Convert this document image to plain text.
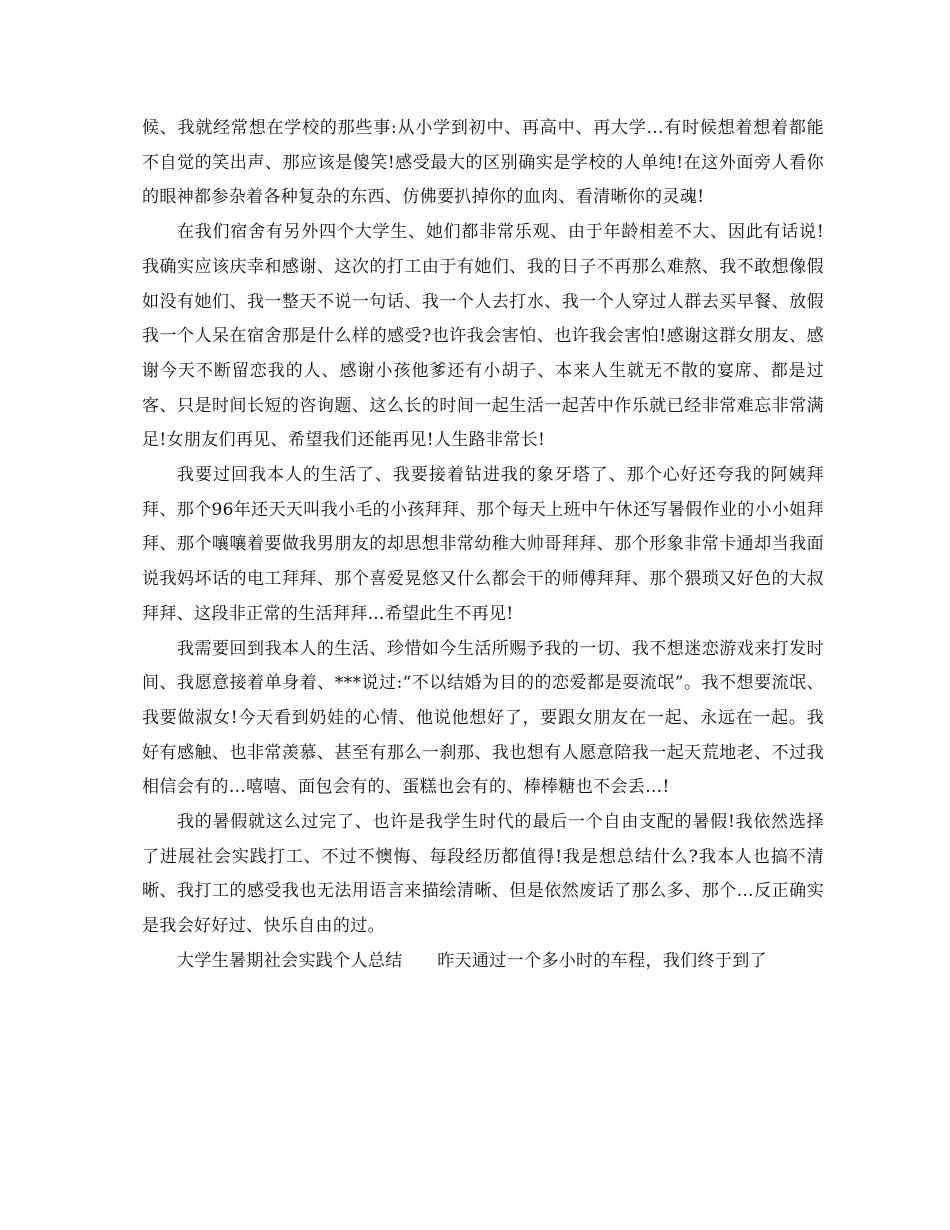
候、我就经常想在学校的那些事:从小学到初中、再高中、再大学…有时候想着想着都能不自觉的笑出声、那应该是傻笑!感受最大的区别确实是学校的人单纯!在这外面旁人看你的眼神都参杂着各种复杂的东西、仿佛要扒掉你的血肉、看清晰你的灵魂!

在我们宿舍有另外四个大学生、她们都非常乐观、由于年龄相差不大、因此有话说!我确实应该庆幸和感谢、这次的打工由于有她们、我的日子不再那么难熬、我不敢想像假如没有她们、我一整天不说一句话、我一个人去打水、我一个人穿过人群去买早餐、放假我一个人呆在宿舍那是什么样的感受?也许我会害怕、也许我会害怕!感谢这群女朋友、感谢今天不断留恋我的人、感谢小孩他爹还有小胡子、本来人生就无不散的宴席、都是过客、只是时间长短的咨询题、这么长的时间一起生活一起苦中作乐就已经非常难忘非常满足!女朋友们再见、希望我们还能再见!人生路非常长!

我要过回我本人的生活了、我要接着钻进我的象牙塔了、那个心好还夸我的阿姨拜拜、那个96年还天天叫我小毛的小孩拜拜、那个每天上班中午休还写暑假作业的小小姐拜拜、那个嚷嚷着要做我男朋友的却思想非常幼稚大帅哥拜拜、那个形象非常卡通却当我面说我妈坏话的电工拜拜、那个喜爱晃悠又什么都会干的师傅拜拜、那个猥琐又好色的大叔拜拜、这段非正常的生活拜拜…希望此生不再见!

我需要回到我本人的生活、珍惜如今生活所赐予我的一切、我不想迷恋游戏来打发时间、我愿意接着单身着、***说过:“不以结婚为目的的恋爱都是耍流氓”。我不想要流氓、我要做淑女!今天看到奶娃的心情、他说他想好了，要跟女朋友在一起、永远在一起。我好有感触、也非常羡慕、甚至有那么一刹那、我也想有人愿意陪我一起天荒地老、不过我相信会有的…嘻嘻、面包会有的、蛋糕也会有的、棒棒糖也不会丢…!

我的暑假就这么过完了、也许是我学生时代的最后一个自由支配的暑假!我依然选择了进展社会实践打工、不过不懊悔、每段经历都值得!我是想总结什么?我本人也搞不清晰、我打工的感受我也无法用语言来描绘清晰、但是依然废话了那么多、那个…反正确实是我会好好过、快乐自由的过。

大学生暑期社会实践个人总结　　昨天通过一个多小时的车程，我们终于到了
